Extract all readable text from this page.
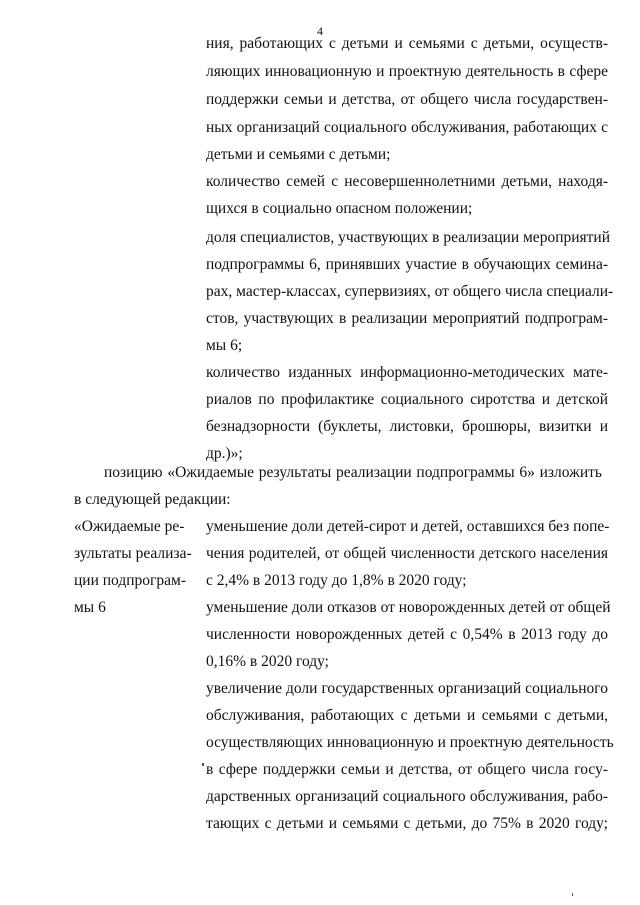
4
ния, работающих с детьми и семьями с детьми, осуществ-
ляющих инновационную и проектную деятельность в сфере
поддержки семьи и детства, от общего числа государствен-
ных организаций социального обслуживания, работающих с
детьми и семьями с детьми;
количество семей с несовершеннолетними детьми, находя-
щихся в социально опасном положении;
доля специалистов, участвующих в реализации мероприятий
подпрограммы 6, принявших участие в обучающих семина-
рах, мастер-классах, супервизиях, от общего числа специали-
стов, участвующих в реализации мероприятий подпрограм-
мы 6;
количество изданных информационно-методических мате-
риалов по профилактике социального сиротства и детской
безнадзорности (буклеты, листовки, брошюры, визитки и
др.)»;
позицию «Ожидаемые результаты реализации подпрограммы 6» изложить
в следующей редакции:
«Ожидаемые ре-
зультаты реализа-
ции подпрограм-
мы 6
уменьшение доли детей-сирот и детей, оставшихся без попе-
чения родителей, от общей численности детского населения
с 2,4% в 2013 году до 1,8% в 2020 году;
уменьшение доли отказов от новорожденных детей от общей
численности новорожденных детей с 0,54% в 2013 году до
0,16% в 2020 году;
увеличение доли государственных организаций социального
обслуживания, работающих с детьми и семьями с детьми,
осуществляющих инновационную и проектную деятельность
в сфере поддержки семьи и детства, от общего числа госу-
дарственных организаций социального обслуживания, рабо-
тающих с детьми и семьями с детьми, до 75% в 2020 году;
